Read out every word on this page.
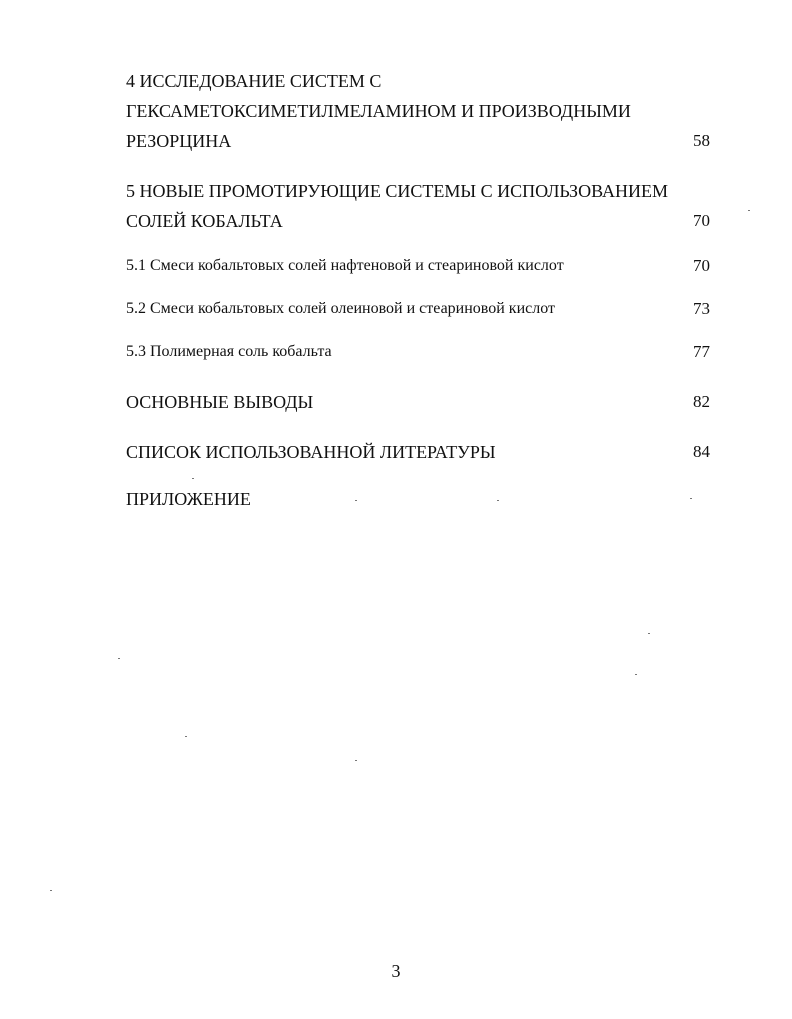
4 ИССЛЕДОВАНИЕ СИСТЕМ С
ГЕКСАМЕТОКСИМЕТИЛМЕЛАМИНОМ И ПРОИЗВОДНЫМИ
РЕЗОРЦИНА	58
5 НОВЫЕ ПРОМОТИРУЮЩИЕ СИСТЕМЫ С ИСПОЛЬЗОВАНИЕМ
СОЛЕЙ КОБАЛЬТА	70
5.1 Смеси кобальтовых солей нафтеновой и стеариновой кислот	70
5.2 Смеси кобальтовых солей олеиновой и стеариновой кислот	73
5.3 Полимерная соль кобальта	77
ОСНОВНЫЕ ВЫВОДЫ	82
СПИСОК ИСПОЛЬЗОВАННОЙ ЛИТЕРАТУРЫ	84
ПРИЛОЖЕНИЕ
3
